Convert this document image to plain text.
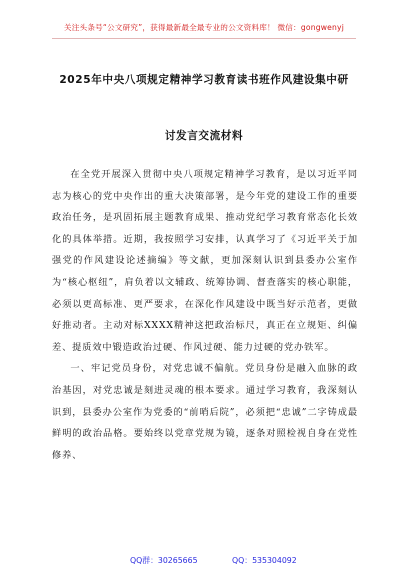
关注头条号“公文研究”，获得最新最全最专业的公文资料库！ 微信：gongwenyj
2025年中央八项规定精神学习教育读书班作风建设集中研
讨发言交流材料

在全党开展深入贯彻中央八项规定精神学习教育，是以习近平同志为核心的党中央作出的重大决策部署，是今年党的建设工作的重要政治任务，是巩固拓展主题教育成果、推动党纪学习教育常态化长效化的具体举措。近期，我按照学习安排，认真学习了《习近平关于加强党的作风建设论述摘编》等文献，更加深刻认识到县委办公室作为“核心枢纽”，肩负着以文辅政、统筹协调、督查落实的核心职能，必须以更高标准、更严要求，在深化作风建设中既当好示范者，更做好推动者。主动对标XXXX精神这把政治标尺，真正在立规矩、纠偏差、提质效中锻造政治过硬、作风过硬、能力过硬的党办铁军。

一、牢记党员身份，对党忠诚不偏航。党员身份是融入血脉的政治基因，对党忠诚是刻进灵魂的根本要求。通过学习教育，我深刻认识到，县委办公室作为党委的“前哨后院”，必须把“忠诚”二字铸成最鲜明的政治品格。要始终以党章党规为镜，逐条对照检视自身在党性修养、

QQ群：30265665	QQ：535304092
